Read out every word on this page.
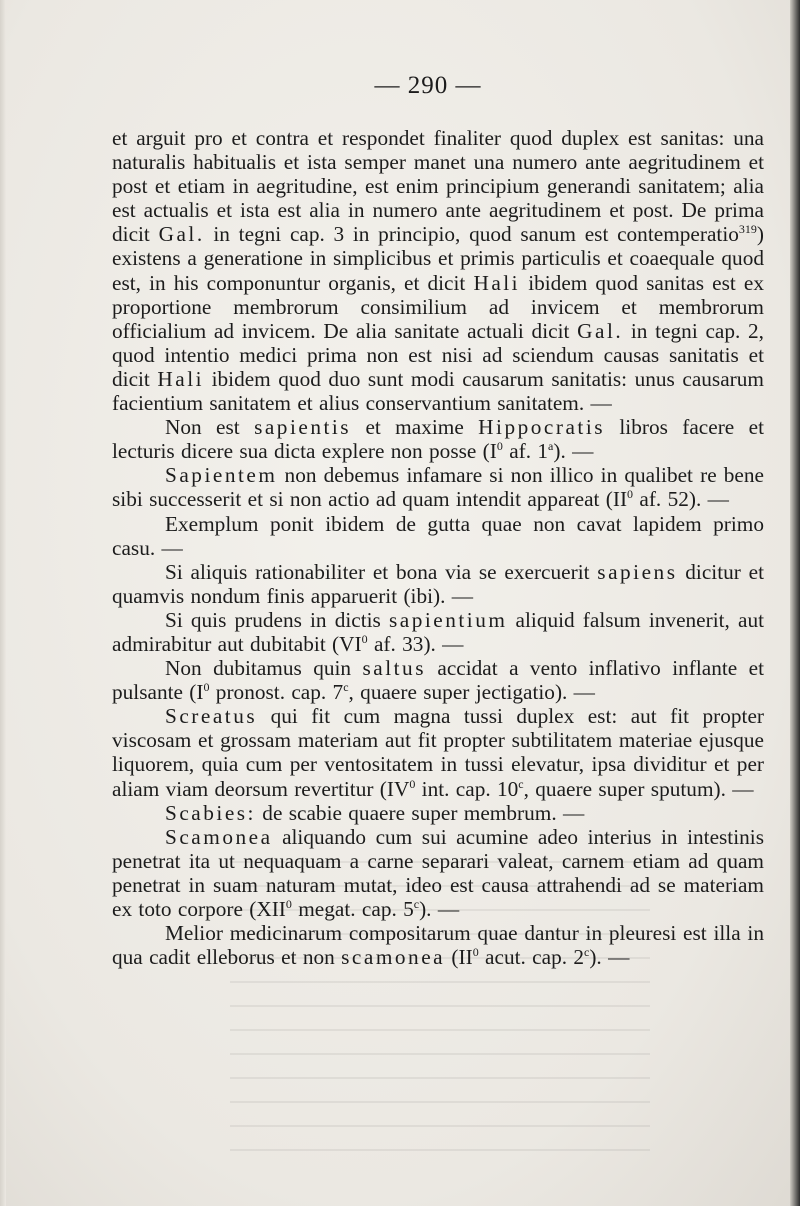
— 290 —

et arguit pro et contra et respondet finaliter quod duplex est sanitas: una naturalis habitualis et ista semper manet una numero ante aegritudinem et post et etiam in aegritudine, est enim principium generandi sanitatem; alia est actualis et ista est alia in numero ante aegritudinem et post. De prima dicit Gal. in tegni cap. 3 in principio, quod sanum est contemperatio$^{319}$) existens a generatione in simplicibus et primis particulis et coaequale quod est, in his componuntur organis, et dicit Hali ibidem quod sanitas est ex proportione membrorum consimilium ad invicem et membrorum officialium ad invicem. De alia sanitate actuali dicit Gal. in tegni cap. 2, quod intentio medici prima non est nisi ad sciendum causas sanitatis et dicit Hali ibidem quod duo sunt modi causarum sanitatis: unus causarum facientium sanitatem et alius conservantium sanitatem. —

Non est sapientis et maxime Hippocratis libros facere et lecturis dicere sua dicta explere non posse ($I^0$ af. 1$^a$). —

Sapientem non debemus infamare si non illico in qualibet re bene sibi successerit et si non actio ad quam intendit appareat ($II^0$ af. 52). —

Exemplum ponit ibidem de gutta quae non cavat lapidem primo casu. —

Si aliquis rationabiliter et bona via se exercuerit sapiens dicitur et quamvis nondum finis apparuerit (ibi). —

Si quis prudens in dictis sapientium aliquid falsum invenerit, aut admirabitur aut dubitabit ($VI^0$ af. 33). —

Non dubitamus quin saltus accidat a vento inflativo inflante et pulsante ($I^0$ pronost. cap. 7$^c$, quaere super jectigatio). —

Screatus qui fit cum magna tussi duplex est: aut fit propter viscosam et grossam materiam aut fit propter subtilitatem materiae ejusque liquorem, quia cum per ventositatem in tussi elevatur, ipsa dividitur et per aliam viam deorsum revertitur ($IV^0$ int. cap. 10$^c$, quaere super sputum). —

Scabies: de scabie quaere super membrum. —

Scamonea aliquando cum sui acumine adeo interius in intestinis penetrat ita ut nequaquam a carne separari valeat, carnem etiam ad quam penetrat in suam naturam mutat, ideo est causa attrahendi ad se materiam ex toto corpore (XII$^0$ megat. cap. 5$^c$). —

Melior medicinarum compositarum quae dantur in pleuresi est illa in qua cadit elleborus et non scamonea ($II^0$ acut. cap. 2$^c$). —
